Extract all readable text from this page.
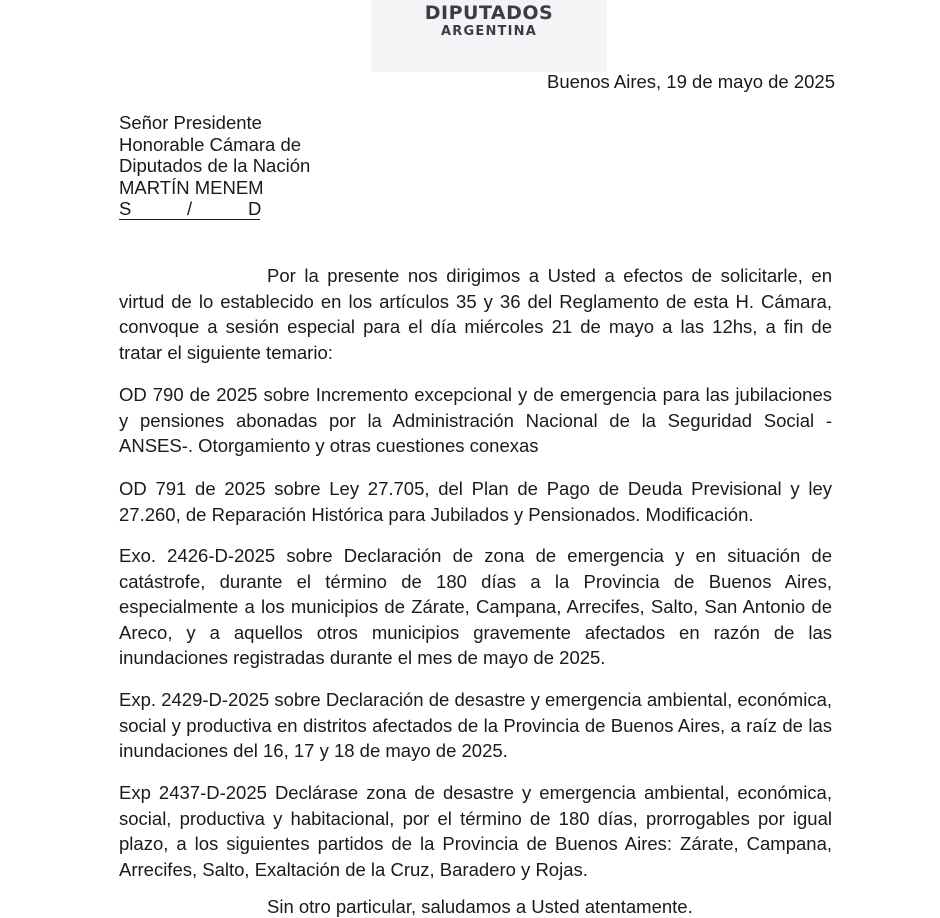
DIPUTADOS
ARGENTINA
Buenos Aires, 19 de mayo de 2025
Señor Presidente
Honorable Cámara de
Diputados de la Nación
MARTÍN MENEM
S	/	D

Por la presente nos dirigimos a Usted a efectos de solicitarle, en virtud de lo establecido en los artículos 35 y 36 del Reglamento de esta H. Cámara, convoque a sesión especial para el día miércoles 21 de mayo a las 12hs, a fin de tratar el siguiente temario:

OD 790 de 2025 sobre Incremento excepcional y de emergencia para las jubilaciones y pensiones abonadas por la Administración Nacional de la Seguridad Social -ANSES-. Otorgamiento y otras cuestiones conexas

OD 791 de 2025 sobre Ley 27.705, del Plan de Pago de Deuda Previsional y ley 27.260, de Reparación Histórica para Jubilados y Pensionados. Modificación.

Exo. 2426-D-2025 sobre Declaración de zona de emergencia y en situación de catástrofe, durante el término de 180 días a la Provincia de Buenos Aires, especialmente a los municipios de Zárate, Campana, Arrecifes, Salto, San Antonio de Areco, y a aquellos otros municipios gravemente afectados en razón de las inundaciones registradas durante el mes de mayo de 2025.

Exp. 2429-D-2025 sobre Declaración de desastre y emergencia ambiental, económica, social y productiva en distritos afectados de la Provincia de Buenos Aires, a raíz de las inundaciones del 16, 17 y 18 de mayo de 2025.

Exp 2437-D-2025 Declárase zona de desastre y emergencia ambiental, económica, social, productiva y habitacional, por el término de 180 días, prorrogables por igual plazo, a los siguientes partidos de la Provincia de Buenos Aires: Zárate, Campana, Arrecifes, Salto, Exaltación de la Cruz, Baradero y Rojas.

Sin otro particular, saludamos a Usted atentamente.
